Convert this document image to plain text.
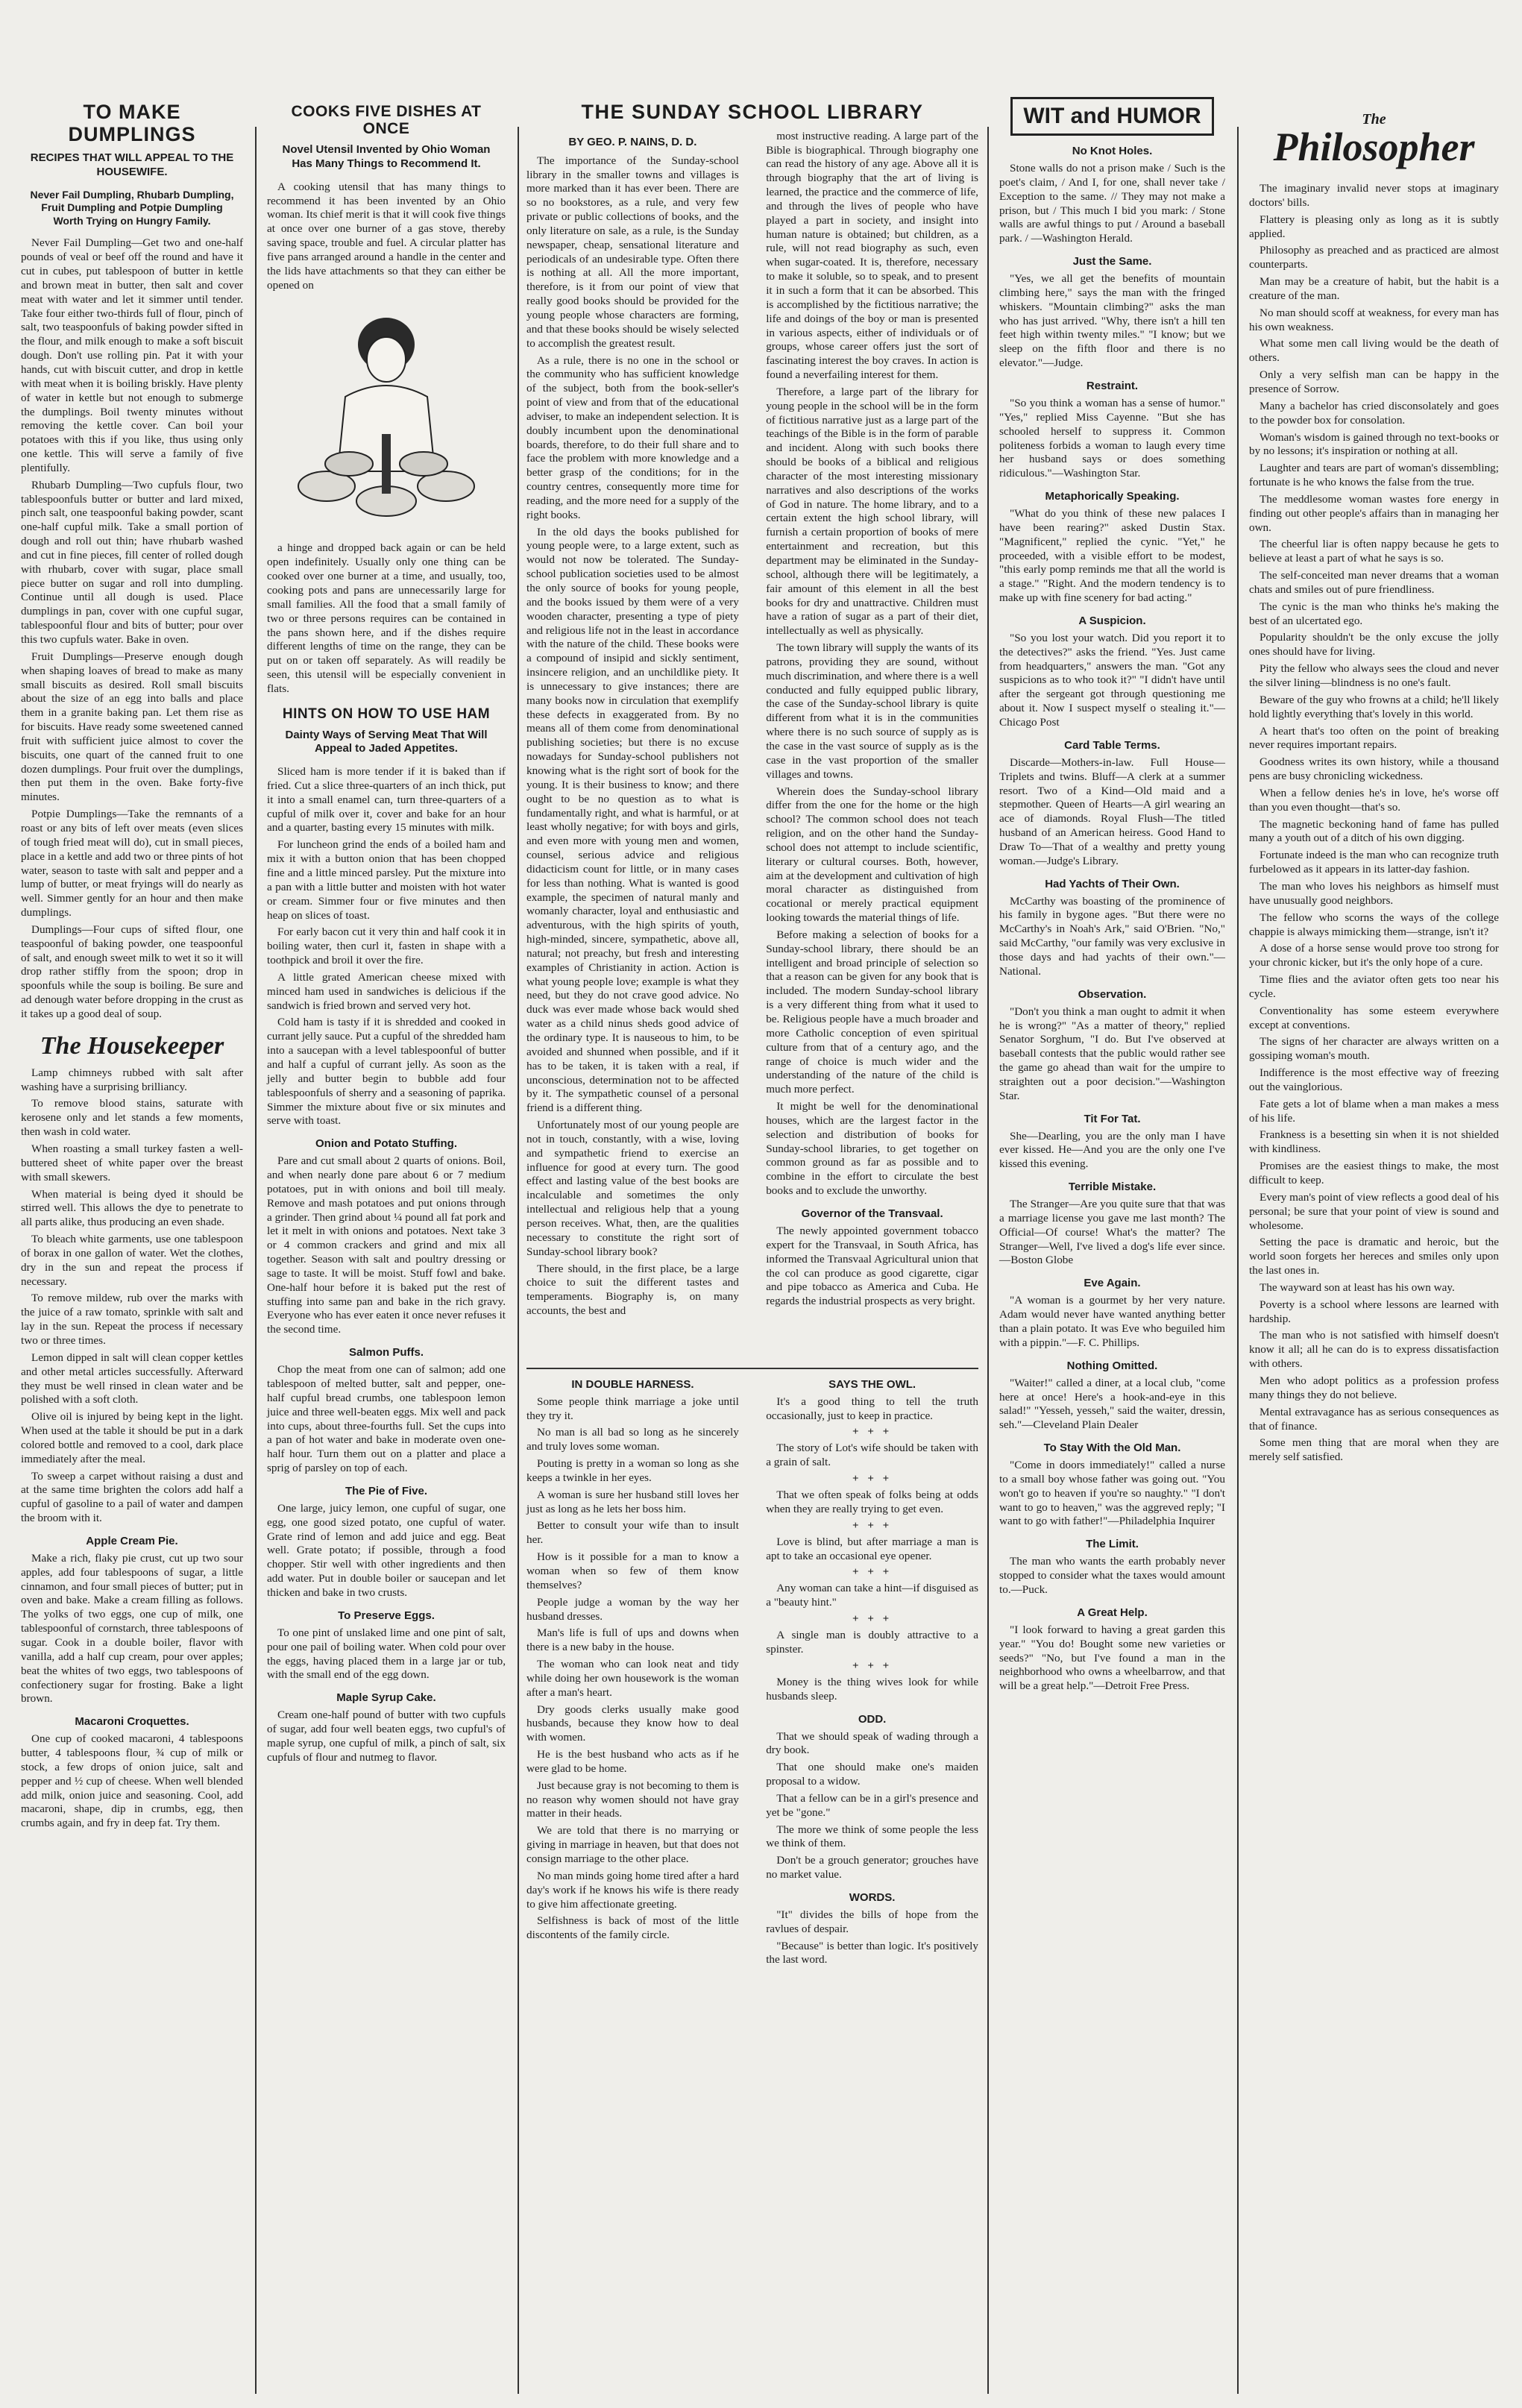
TO MAKE DUMPLINGS
RECIPES THAT WILL APPEAL TO THE HOUSEWIFE.
Never Fail Dumpling, Rhubarb Dumpling, Fruit Dumpling and Potpie Dumpling Worth Trying on Hungry Family.

Never Fail Dumpling—Get two and one-half pounds of veal or beef off the round and have it cut in cubes, put tablespoon of butter in kettle and brown meat in butter, then salt and cover meat with water and let it simmer until tender. Take four either two-thirds full of flour, pinch of salt, two teaspoonfuls of baking powder sifted in the flour, and milk enough to make a soft biscuit dough. Don't use rolling pin. Pat it with your hands, cut with biscuit cutter, and drop in kettle with meat when it is boiling briskly. Have plenty of water in kettle but not enough to submerge the dumplings. Boil twenty minutes without removing the kettle cover. Can boil your potatoes with this if you like, thus using only one kettle. This will serve a family of five plentifully.

Rhubarb Dumpling—Two cupfuls flour, two tablespoonfuls butter or butter and lard mixed, pinch salt, one teaspoonful baking powder, scant one-half cupful milk. Take a small portion of dough and roll out thin; have rhubarb washed and cut in fine pieces, fill center of rolled dough with rhubarb, cover with sugar, place small piece butter on sugar and roll into dumpling. Continue until all dough is used. Place dumplings in pan, cover with one cupful sugar, tablespoonful flour and bits of butter; pour over this two cupfuls water. Bake in oven.

Fruit Dumplings—Preserve enough dough when shaping loaves of bread to make as many small biscuits as desired. Roll small biscuits about the size of an egg into balls and place them in a granite baking pan. Let them rise as for biscuits. Have ready some sweetened canned fruit with sufficient juice almost to cover the biscuits, one quart of the canned fruit to one dozen dumplings. Pour fruit over the dumplings, then put them in the oven. Bake forty-five minutes.

Potpie Dumplings—Take the remnants of a roast or any bits of left over meats (even slices of tough fried meat will do), cut in small pieces, place in a kettle and add two or three pints of hot water, season to taste with salt and pepper and a lump of butter, or meat fryings will do nearly as well. Simmer gently for an hour and then make dumplings.

Dumplings—Four cups of sifted flour, one teaspoonful of baking powder, one teaspoonful of salt, and enough sweet milk to wet it so it will drop rather stiffly from the spoon; drop in spoonfuls while the soup is boiling. Be sure and ad denough water before dropping in the crust as it takes up a good deal of soup.

The Housekeeper

Lamp chimneys rubbed with salt after washing have a surprising brilliancy.

To remove blood stains, saturate with kerosene only and let stands a few moments, then wash in cold water.

When roasting a small turkey fasten a well-buttered sheet of white paper over the breast with small skewers.

When material is being dyed it should be stirred well. This allows the dye to penetrate to all parts alike, thus producing an even shade.

To bleach white garments, use one tablespoon of borax in one gallon of water. Wet the clothes, dry in the sun and repeat the process if necessary.

To remove mildew, rub over the marks with the juice of a raw tomato, sprinkle with salt and lay in the sun. Repeat the process if necessary two or three times.

Lemon dipped in salt will clean copper kettles and other metal articles successfully. Afterward they must be well rinsed in clean water and be polished with a soft cloth.

Olive oil is injured by being kept in the light. When used at the table it should be put in a dark colored bottle and removed to a cool, dark place immediately after the meal.

To sweep a carpet without raising a dust and at the same time brighten the colors add half a cupful of gasoline to a pail of water and dampen the broom with it.

Apple Cream Pie.

Make a rich, flaky pie crust, cut up two sour apples, add four tablespoons of sugar, a little cinnamon, and four small pieces of butter; put in oven and bake. Make a cream filling as follows. The yolks of two eggs, one cup of milk, one tablespoonful of cornstarch, three tablespoons of sugar. Cook in a double boiler, flavor with vanilla, add a half cup cream, pour over apples; beat the whites of two eggs, two tablespoons of confectionery sugar for frosting. Bake a light brown.

Macaroni Croquettes.

One cup of cooked macaroni, 4 tablespoons butter, 4 tablespoons flour, ¾ cup of milk or stock, a few drops of onion juice, salt and pepper and ½ cup of cheese. When well blended add milk, onion juice and seasoning. Cool, add macaroni, shape, dip in crumbs, egg, then crumbs again, and fry in deep fat. Try them.

COOKS FIVE DISHES AT ONCE
Novel Utensil Invented by Ohio Woman Has Many Things to Recommend It.

A cooking utensil that has many things to recommend it has been invented by an Ohio woman. Its chief merit is that it will cook five things at once over one burner of a gas stove, thereby saving space, trouble and fuel. A circular platter has five pans arranged around a handle in the center and the lids have attachments so that they can either be opened on

a hinge and dropped back again or can be held open indefinitely. Usually only one thing can be cooked over one burner at a time, and usually, too, cooking pots and pans are unnecessarily large for small families. All the food that a small family of two or three persons requires can be contained in the pans shown here, and if the dishes require different lengths of time on the range, they can be put on or taken off separately. As will readily be seen, this utensil will be especially convenient in flats.

HINTS ON HOW TO USE HAM
Dainty Ways of Serving Meat That Will Appeal to Jaded Appetites.

Sliced ham is more tender if it is baked than if fried. Cut a slice three-quarters of an inch thick, put it into a small enamel can, turn three-quarters of a cupful of milk over it, cover and bake for an hour and a quarter, basting every 15 minutes with milk.

For luncheon grind the ends of a boiled ham and mix it with a button onion that has been chopped fine and a little minced parsley. Put the mixture into a pan with a little butter and moisten with hot water or cream. Simmer four or five minutes and then heap on slices of toast.

For early bacon cut it very thin and half cook it in boiling water, then curl it, fasten in shape with a toothpick and broil it over the fire.

A little grated American cheese mixed with minced ham used in sandwiches is delicious if the sandwich is fried brown and served very hot.

Cold ham is tasty if it is shredded and cooked in currant jelly sauce. Put a cupful of the shredded ham into a saucepan with a level tablespoonful of butter and half a cupful of currant jelly. As soon as the jelly and butter begin to bubble add four tablespoonfuls of sherry and a seasoning of paprika. Simmer the mixture about five or six minutes and serve with toast.

Onion and Potato Stuffing.

Pare and cut small about 2 quarts of onions. Boil, and when nearly done pare about 6 or 7 medium potatoes, put in with onions and boil till mealy. Remove and mash potatoes and put onions through a grinder. Then grind about ¼ pound all fat pork and let it melt in with onions and potatoes. Next take 3 or 4 common crackers and grind and mix all together. Season with salt and poultry dressing or sage to taste. It will be moist. Stuff fowl and bake. One-half hour before it is baked put the rest of stuffing into same pan and bake in the rich gravy. Everyone who has ever eaten it once never refuses it the second time.

Salmon Puffs.

Chop the meat from one can of salmon; add one tablespoon of melted butter, salt and pepper, one-half cupful bread crumbs, one tablespoon lemon juice and three well-beaten eggs. Mix well and pack into cups, about three-fourths full. Set the cups into a pan of hot water and bake in moderate oven one-half hour. Turn them out on a platter and place a sprig of parsley on top of each.

The Pie of Five.

One large, juicy lemon, one cupful of sugar, one egg, one good sized potato, one cupful of water. Grate rind of lemon and add juice and egg. Beat well. Grate potato; if possible, through a food chopper. Stir well with other ingredients and then add water. Put in double boiler or saucepan and let thicken and bake in two crusts.

To Preserve Eggs.

To one pint of unslaked lime and one pint of salt, pour one pail of boiling water. When cold pour over the eggs, having placed them in a large jar or tub, with the small end of the egg down.

Maple Syrup Cake.

Cream one-half pound of butter with two cupfuls of sugar, add four well beaten eggs, two cupful's of maple syrup, one cupful of milk, a pinch of salt, six cupfuls of flour and nutmeg to flavor.

THE SUNDAY SCHOOL LIBRARY
BY GEO. P. NAINS, D. D.

The importance of the Sunday-school library in the smaller towns and villages is more marked than it has ever been. There are so no bookstores, as a rule, and very few private or public collections of books, and the only literature on sale, as a rule, is the Sunday newspaper, cheap, sensational literature and periodicals of an undesirable type. Often there is nothing at all. All the more important, therefore, is it from our point of view that really good books should be provided for the young people whose characters are forming, and that these books should be wisely selected to accomplish the greatest result.

As a rule, there is no one in the school or the community who has sufficient knowledge of the subject, both from the book-seller's point of view and from that of the educational adviser, to make an independent selection. It is doubly incumbent upon the denominational boards, therefore, to do their full share and to face the problem with more knowledge and a better grasp of the conditions; for in the country centres, consequently more time for reading, and the more need for a supply of the right books.

In the old days the books published for young people were, to a large extent, such as would not now be tolerated. The Sunday-school publication societies used to be almost the only source of books for young people, and the books issued by them were of a very wooden character, presenting a type of piety and religious life not in the least in accordance with the nature of the child. These books were a compound of insipid and sickly sentiment, insincere religion, and an unchildlike piety. It is unnecessary to give instances; there are many books now in circulation that exemplify these defects in exaggerated from. By no means all of them come from denominational publishing societies; but there is no excuse nowadays for Sunday-school publishers not knowing what is the right sort of book for the young. It is their business to know; and there ought to be no question as to what is fundamentally right, and what is harmful, or at least wholly negative; for with boys and girls, and even more with young men and women, counsel, serious advice and religious didacticism count for little, or in many cases for less than nothing. What is wanted is good example, the specimen of natural manly and womanly character, loyal and enthusiastic and adventurous, with the high spirits of youth, high-minded, sincere, sympathetic, above all, natural; not preachy, but fresh and interesting examples of Christianity in action. Action is what young people love; example is what they need, but they do not crave good advice. No duck was ever made whose back would shed water as a child ninus sheds good advice of the ordinary type. It is nauseous to him, to be avoided and shunned when possible, and if it has to be taken, it is taken with a real, if unconscious, determination not to be affected by it. The sympathetic counsel of a personal friend is a different thing.

Unfortunately most of our young people are not in touch, constantly, with a wise, loving and sympathetic friend to exercise an influence for good at every turn. The good effect and lasting value of the best books are incalculable and sometimes the only intellectual and religious help that a young person receives. What, then, are the qualities necessary to constitute the right sort of Sunday-school library book?

There should, in the first place, be a large choice to suit the different tastes and temperaments. Biography is, on many accounts, the best and

most instructive reading. A large part of the Bible is biographical. Through biography one can read the history of any age. Above all it is through biography that the art of living is learned, the practice and the commerce of life, and through the lives of people who have played a part in society, and insight into human nature is obtained; but children, as a rule, will not read biography as such, even when sugar-coated. It is, therefore, necessary to make it soluble, so to speak, and to present it in such a form that it can be absorbed. This is accomplished by the fictitious narrative; the life and doings of the boy or man is presented in various aspects, either of individuals or of groups, whose career offers just the sort of fascinating interest the boy craves. In action is found a neverfailing interest for them.

Therefore, a large part of the library for young people in the school will be in the form of fictitious narrative just as a large part of the teachings of the Bible is in the form of parable and incident. Along with such books there should be books of a biblical and religious character of the most interesting missionary narratives and also descriptions of the works of God in nature. The home library, and to a certain extent the high school library, will furnish a certain proportion of books of mere entertainment and recreation, but this department may be eliminated in the Sunday-school, although there will be legitimately, a fair amount of this element in all the best books for dry and unattractive. Children must have a ration of sugar as a part of their diet, intellectually as well as physically.

The town library will supply the wants of its patrons, providing they are sound, without much discrimination, and where there is a well conducted and fully equipped public library, the case of the Sunday-school library is quite different from what it is in the communities where there is no such source of supply as is the case in the vast source of supply as is the case in the vast proportion of the smaller villages and towns.

Wherein does the Sunday-school library differ from the one for the home or the high school? The common school does not teach religion, and on the other hand the Sunday-school does not attempt to include scientific, literary or cultural courses. Both, however, aim at the development and cultivation of high moral character as distinguished from cocational or merely practical equipment looking towards the material things of life.

Before making a selection of books for a Sunday-school library, there should be an intelligent and broad principle of selection so that a reason can be given for any book that is included. The modern Sunday-school library is a very different thing from what it used to be. Religious people have a much broader and more Catholic conception of even spiritual culture from that of a century ago, and the range of choice is much wider and the understanding of the nature of the child is much more perfect.

It might be well for the denominational houses, which are the largest factor in the selection and distribution of books for Sunday-school libraries, to get together on common ground as far as possible and to combine in the effort to circulate the best books and to exclude the unworthy.

Governor of the Transvaal.

The newly appointed government tobacco expert for the Transvaal, in South Africa, has informed the Transvaal Agricultural union that the col can produce as good cigarette, cigar and pipe tobacco as America and Cuba. He regards the industrial prospects as very bright.

IN DOUBLE HARNESS.

Some people think marriage a joke until they try it.

No man is all bad so long as he sincerely and truly loves some woman.

Pouting is pretty in a woman so long as she keeps a twinkle in her eyes.

A woman is sure her husband still loves her just as long as he lets her boss him.

Better to consult your wife than to insult her.

How is it possible for a man to know a woman when so few of them know themselves?

People judge a woman by the way her husband dresses.

Man's life is full of ups and downs when there is a new baby in the house.

The woman who can look neat and tidy while doing her own housework is the woman after a man's heart.

Dry goods clerks usually make good husbands, because they know how to deal with women.

He is the best husband who acts as if he were glad to be home.

Just because gray is not becoming to them is no reason why women should not have gray matter in their heads.

We are told that there is no marrying or giving in marriage in heaven, but that does not consign marriage to the other place.

No man minds going home tired after a hard day's work if he knows his wife is there ready to give him affectionate greeting.

Selfishness is back of most of the little discontents of the family circle.

SAYS THE OWL.

It's a good thing to tell the truth occasionally, just to keep in practice.

+ + +

The story of Lot's wife should be taken with a grain of salt.

+ + +

That we often speak of folks being at odds when they are really trying to get even.

+ + +

Love is blind, but after marriage a man is apt to take an occasional eye opener.

+ + +

Any woman can take a hint—if disguised as a "beauty hint."

+ + +

A single man is doubly attractive to a spinster.

+ + +

Money is the thing wives look for while husbands sleep.

ODD.

That we should speak of wading through a dry book.

That one should make one's maiden proposal to a widow.

That a fellow can be in a girl's presence and yet be "gone."

The more we think of some people the less we think of them.

Don't be a grouch generator; grouches have no market value.

WORDS.

"It" divides the bills of hope from the ravlues of despair.

"Because" is better than logic. It's positively the last word.

WIT and HUMOR
No Knot Holes.

Stone walls do not a prison make / Such is the poet's claim, / And I, for one, shall never take / Exception to the same. // They may not make a prison, but / This much I bid you mark: / Stone walls are awful things to put / Around a baseball park. / —Washington Herald.

Just the Same.

"Yes, we all get the benefits of mountain climbing here," says the man with the fringed whiskers. "Mountain climbing?" asks the man who has just arrived. "Why, there isn't a hill ten feet high within twenty miles." "I know; but we sleep on the fifth floor and there is no elevator."—Judge.

Restraint.

"So you think a woman has a sense of humor." "Yes," replied Miss Cayenne. "But she has schooled herself to suppress it. Common politeness forbids a woman to laugh every time her husband says or does something ridiculous."—Washington Star.

Metaphorically Speaking.

"What do you think of these new palaces I have been rearing?" asked Dustin Stax. "Magnificent," replied the cynic. "Yet," he proceeded, with a visible effort to be modest, "this early pomp reminds me that all the world is a stage." "Right. And the modern tendency is to make up with fine scenery for bad acting."

A Suspicion.

"So you lost your watch. Did you report it to the detectives?" asks the friend. "Yes. Just came from headquarters," answers the man. "Got any suspicions as to who took it?" "I didn't have until after the sergeant got through questioning me about it. Now I suspect myself o stealing it."—Chicago Post

Card Table Terms.

Discarde—Mothers-in-law. Full House—Triplets and twins. Bluff—A clerk at a summer resort. Two of a Kind—Old maid and a stepmother. Queen of Hearts—A girl wearing an ace of diamonds. Royal Flush—The titled husband of an American heiress. Good Hand to Draw To—That of a wealthy and pretty young woman.—Judge's Library.

Had Yachts of Their Own.

McCarthy was boasting of the prominence of his family in bygone ages. "But there were no McCarthy's in Noah's Ark," said O'Brien. "No," said McCarthy, "our family was very exclusive in those days and had yachts of their own."—National.

Observation.

"Don't you think a man ought to admit it when he is wrong?" "As a matter of theory," replied Senator Sorghum, "I do. But I've observed at baseball contests that the public would rather see the game go ahead than wait for the umpire to straighten out a poor decision."—Washington Star.

Tit For Tat.

She—Dearling, you are the only man I have ever kissed. He—And you are the only one I've kissed this evening.

Terrible Mistake.

The Stranger—Are you quite sure that that was a marriage license you gave me last month? The Official—Of course! What's the matter? The Stranger—Well, I've lived a dog's life ever since.—Boston Globe

Eve Again.

"A woman is a gourmet by her very nature. Adam would never have wanted anything better than a plain potato. It was Eve who beguiled him with a pippin."—F. C. Phillips.

Nothing Omitted.

"Waiter!" called a diner, at a local club, "come here at once! Here's a hook-and-eye in this salad!" "Yesseh, yesseh," said the waiter, dressin, seh."—Cleveland Plain Dealer

To Stay With the Old Man.

"Come in doors immediately!" called a nurse to a small boy whose father was going out. "You won't go to heaven if you're so naughty." "I don't want to go to heaven," was the aggreved reply; "I want to go with father!"—Philadelphia Inquirer

The Limit.

The man who wants the earth probably never stopped to consider what the taxes would amount to.—Puck.

A Great Help.

"I look forward to having a great garden this year." "You do! Bought some new varieties or seeds?" "No, but I've found a man in the neighborhood who owns a wheelbarrow, and that will be a great help."—Detroit Free Press.

The
Philosopher

The imaginary invalid never stops at imaginary doctors' bills.

Flattery is pleasing only as long as it is subtly applied.

Philosophy as preached and as practiced are almost counterparts.

Man may be a creature of habit, but the habit is a creature of the man.

No man should scoff at weakness, for every man has his own weakness.

What some men call living would be the death of others.

Only a very selfish man can be happy in the presence of Sorrow.

Many a bachelor has cried disconsolately and goes to the powder box for consolation.

Woman's wisdom is gained through no text-books or by no lessons; it's inspiration or nothing at all.

Laughter and tears are part of woman's dissembling; fortunate is he who knows the false from the true.

The meddlesome woman wastes fore energy in finding out other people's affairs than in managing her own.

The cheerful liar is often nappy because he gets to believe at least a part of what he says is so.

The self-conceited man never dreams that a woman chats and smiles out of pure friendliness.

The cynic is the man who thinks he's making the best of an ulcertated ego.

Popularity shouldn't be the only excuse the jolly ones should have for living.

Pity the fellow who always sees the cloud and never the silver lining—blindness is no one's fault.

Beware of the guy who frowns at a child; he'll likely hold lightly everything that's lovely in this world.

A heart that's too often on the point of breaking never requires important repairs.

Goodness writes its own history, while a thousand pens are busy chronicling wickedness.

When a fellow denies he's in love, he's worse off than you even thought—that's so.

The magnetic beckoning hand of fame has pulled many a youth out of a ditch of his own digging.

Fortunate indeed is the man who can recognize truth furbelowed as it appears in its latter-day fashion.

The man who loves his neighbors as himself must have unusually good neighbors.

The fellow who scorns the ways of the college chappie is always mimicking them—strange, isn't it?

A dose of a horse sense would prove too strong for your chronic kicker, but it's the only hope of a cure.

Time flies and the aviator often gets too near his cycle.

Conventionality has some esteem everywhere except at conventions.

The signs of her character are always written on a gossiping woman's mouth.

Indifference is the most effective way of freezing out the vainglorious.

Fate gets a lot of blame when a man makes a mess of his life.

Frankness is a besetting sin when it is not shielded with kindliness.

Promises are the easiest things to make, the most difficult to keep.

Every man's point of view reflects a good deal of his personal; be sure that your point of view is sound and wholesome.

Setting the pace is dramatic and heroic, but the world soon forgets her hereces and smiles only upon the last ones in.

The wayward son at least has his own way.

Poverty is a school where lessons are learned with hardship.

The man who is not satisfied with himself doesn't know it all; all he can do is to express dissatisfaction with others.

Men who adopt politics as a profession profess many things they do not believe.

Mental extravagance has as serious consequences as that of finance.

Some men thing that are moral when they are merely self satisfied.
